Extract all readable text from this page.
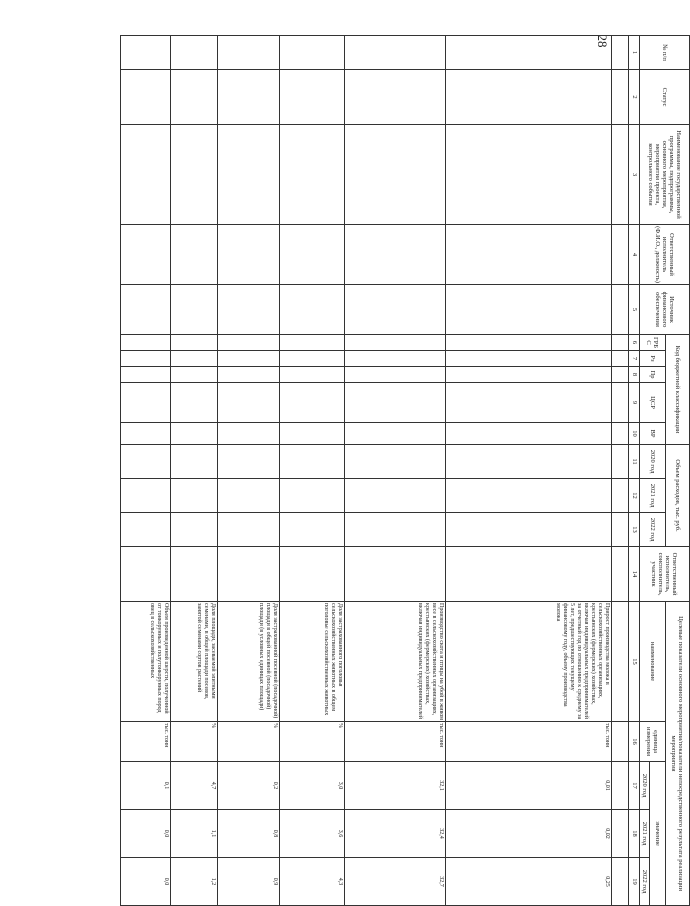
28
№ п/п	Статус	Наименование государственной программы, подпрограммы, основного мероприятия, мероприятия проекта, контрольного события	Ответственный исполнитель (Ф.И.О., должность)	Источник финансового обеспечения	Код бюджетной классификации					Объем расходов, тыс. руб.			Ответственный исполнитель, соисполнитель, участник	Целевые показатели основного мероприятия/показатели непосредственного результата реализации мероприятия				
					ГРБС	Рз	Пр	ЦСР	ВР	2020 год	2021 год	2022 год		наименование	единица измерения	значение		
																2020 год	2021 год	2022 год
1	2	3	4	5	6	7	8	9	10	11	12	13	14	15	16	17	18	19

														Прирост производства молока в сельскохозяйственных организациях, крестьянских (фермерских) хозяйствах, включая индивидуальных предпринимателей за отчетный год по отношению к среднему за 5 лет, предшествующих текущему финансовому году, объему производства молока	тыс. тонн	0,01	0,02	0,25
														Производство скота и птицы на убой в живом весе в сельскохозяйственных организациях, крестьянских (фермерских) хозяйствах, включая индивидуальных предпринимателей	тыс. тонн	32,1	32,4	32,7
														Доля застрахованного поголовья сельскохозяйственных животных в общем поголовье сельскохозяйственных животных	%	3,0	3,6	4,3
														Доля застрахованной посевной (посадочной) площади в общей посевной (посадочной) площади (в условных единицах площади)	%	0,2	0,8	0,9
														Доля площади, засеваемой элитными семенами, в общей площади посевов, занятой семенами сортов растений	%	4,7	1,1	1,2
														Объем произведенной шерсти, полученной от тонкорунных и полутонкорунных пород овец в сельскохозяйственных	тыс. тонн	0,1	0,0	0,0
